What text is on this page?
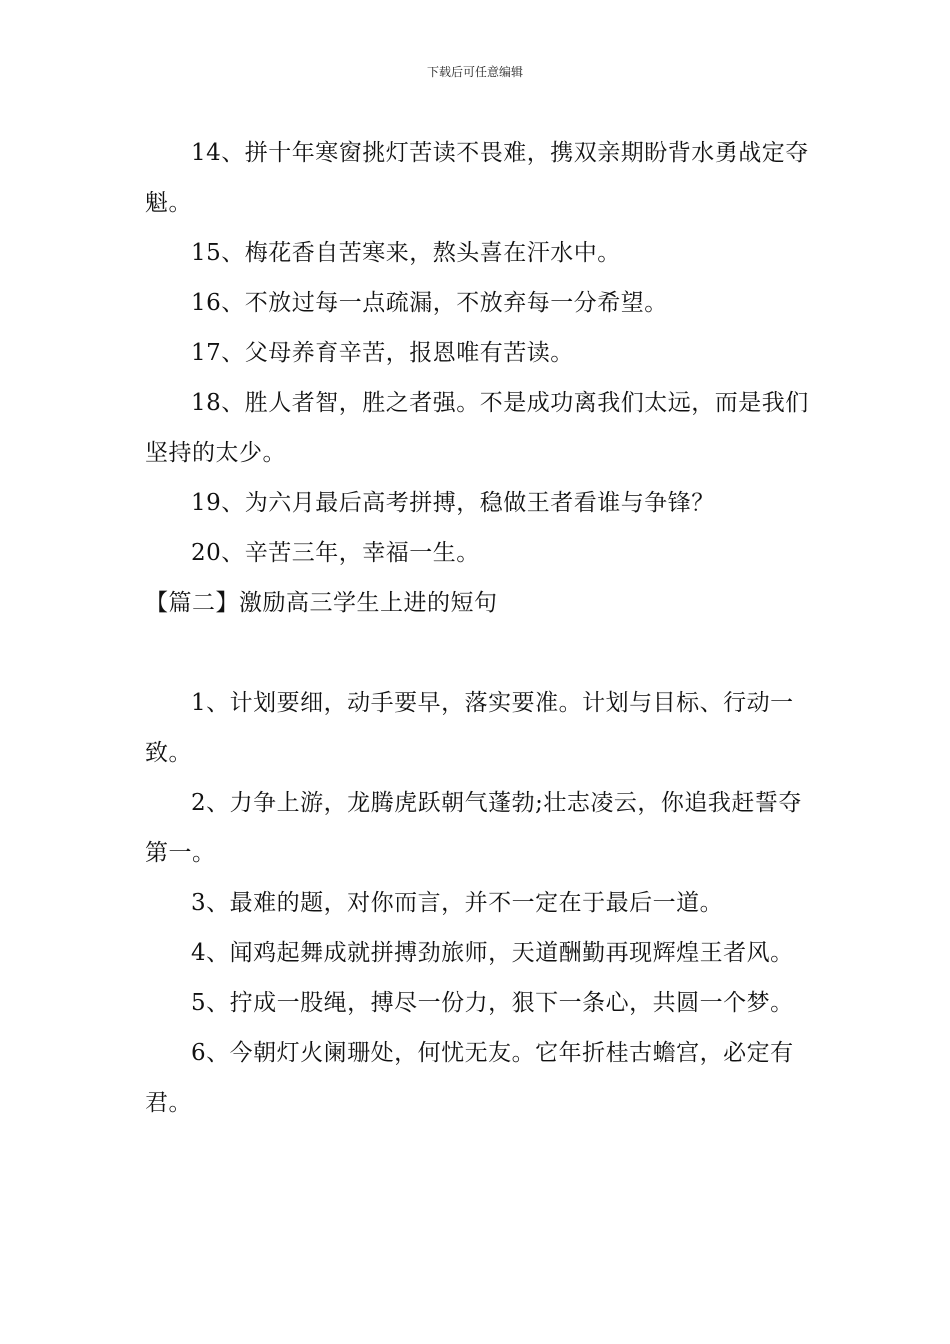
下载后可任意编辑

14、拼十年寒窗挑灯苦读不畏难，携双亲期盼背水勇战定夺魁。

15、梅花香自苦寒来，熬头喜在汗水中。

16、不放过每一点疏漏，不放弃每一分希望。

17、父母养育辛苦，报恩唯有苦读。

18、胜人者智，胜之者强。不是成功离我们太远，而是我们坚持的太少。

19、为六月最后高考拼搏，稳做王者看谁与争锋？

20、辛苦三年，幸福一生。

【篇二】激励高三学生上进的短句

1、计划要细，动手要早，落实要准。计划与目标、行动一致。

2、力争上游，龙腾虎跃朝气蓬勃;壮志凌云，你追我赶誓夺第一。

3、最难的题，对你而言，并不一定在于最后一道。

4、闻鸡起舞成就拼搏劲旅师，天道酬勤再现辉煌王者风。

5、拧成一股绳，搏尽一份力，狠下一条心，共圆一个梦。

6、今朝灯火阑珊处，何忧无友。它年折桂古蟾宫，必定有君。
